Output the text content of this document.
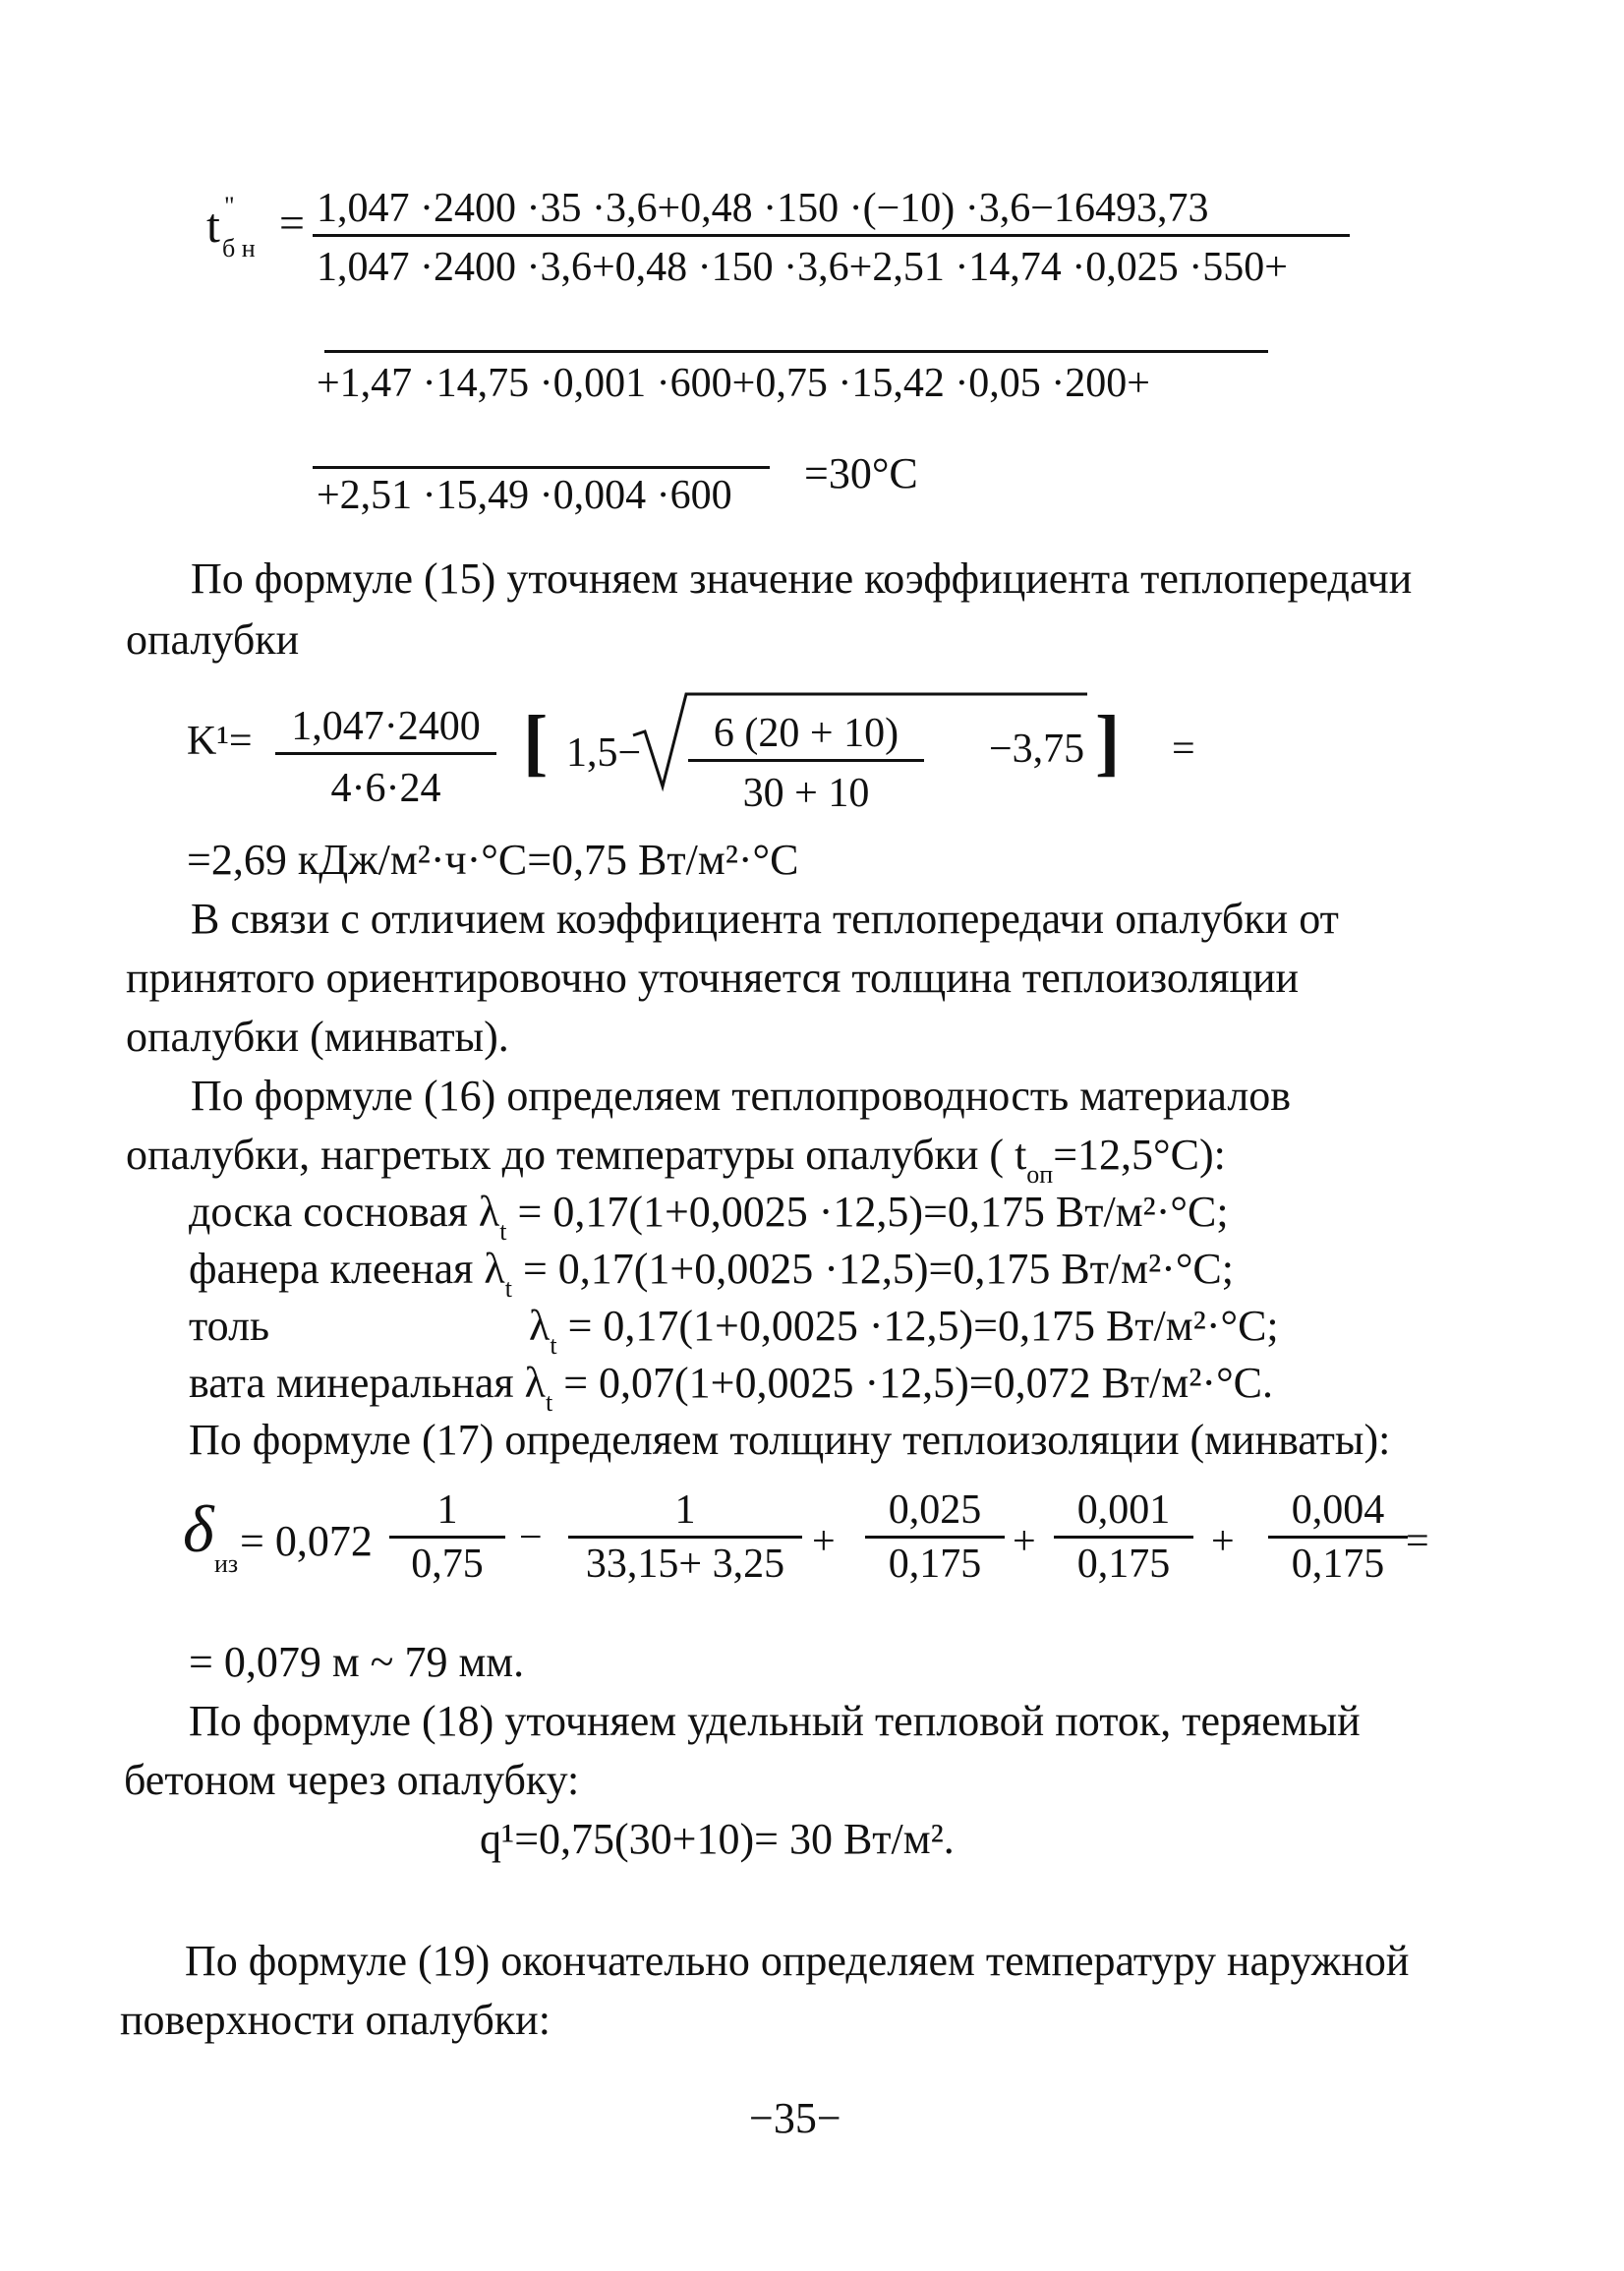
t "
б н
= 1,047 ·2400 ·35 ·3,6+0,48 ·150 ·(−10) ·3,6−16493,73
1,047 ·2400 ·3,6+0,48 ·150 ·3,6+2,51 ·14,74 ·0,025 ·550+
+1,47 ·14,75 ·0,001 ·600+0,75 ·15,42 ·0,05 ·200+
+2,51 ·15,49 ·0,004 ·600 =30°C
По формуле (15) уточняем значение коэффициента теплопередачи
опалубки
$K^1= \frac{1,047\cdot 2400}{4\cdot 6\cdot 24}$ [ $1,5- \frac{6 (20 + 10)}{30 + 10} -3,75$ ] =
=2,69 кДж/м²·ч·°C=0,75 Вт/м²·°C
В связи с отличием коэффициента теплопередачи опалубки от
принятого ориентировочно уточняется толщина теплоизоляции
опалубки (минваты).
По формуле (16) определяем теплопроводность материалов
опалубки, нагретых до температуры опалубки ( $t_{оп}=12,5^\circ C$):
доска сосновая $\lambda_t = 0,17(1+0,0025 \cdot 12,5)=0,175$ Вт/м²·°C;
фанера клееная $\lambda_t = 0,17(1+0,0025 \cdot 12,5)=0,175$ Вт/м²·°C;
толь	$\lambda_t = 0,17(1+0,0025 \cdot 12,5)=0,175$ Вт/м²·°C;
вата минеральная $\lambda_t = 0,07(1+0,0025 \cdot 12,5)=0,072$ Вт/м²·°C.
По формуле (17) определяем толщину теплоизоляции (минваты):
δ из = $0,072 \frac{1}{0,75} - \frac{1}{33,15+ 3,25} + \frac{0,025}{0,175} + \frac{0,001}{0,175} + \frac{0,004}{0,175}$
=
= 0,079 м ~ 79 мм.
По формуле (18) уточняем удельный тепловой поток, теряемый
бетоном через опалубку:
q¹=0,75(30+10)= 30 Вт/м².
По формуле (19) окончательно определяем температуру наружной
поверхности опалубки:
−35−
